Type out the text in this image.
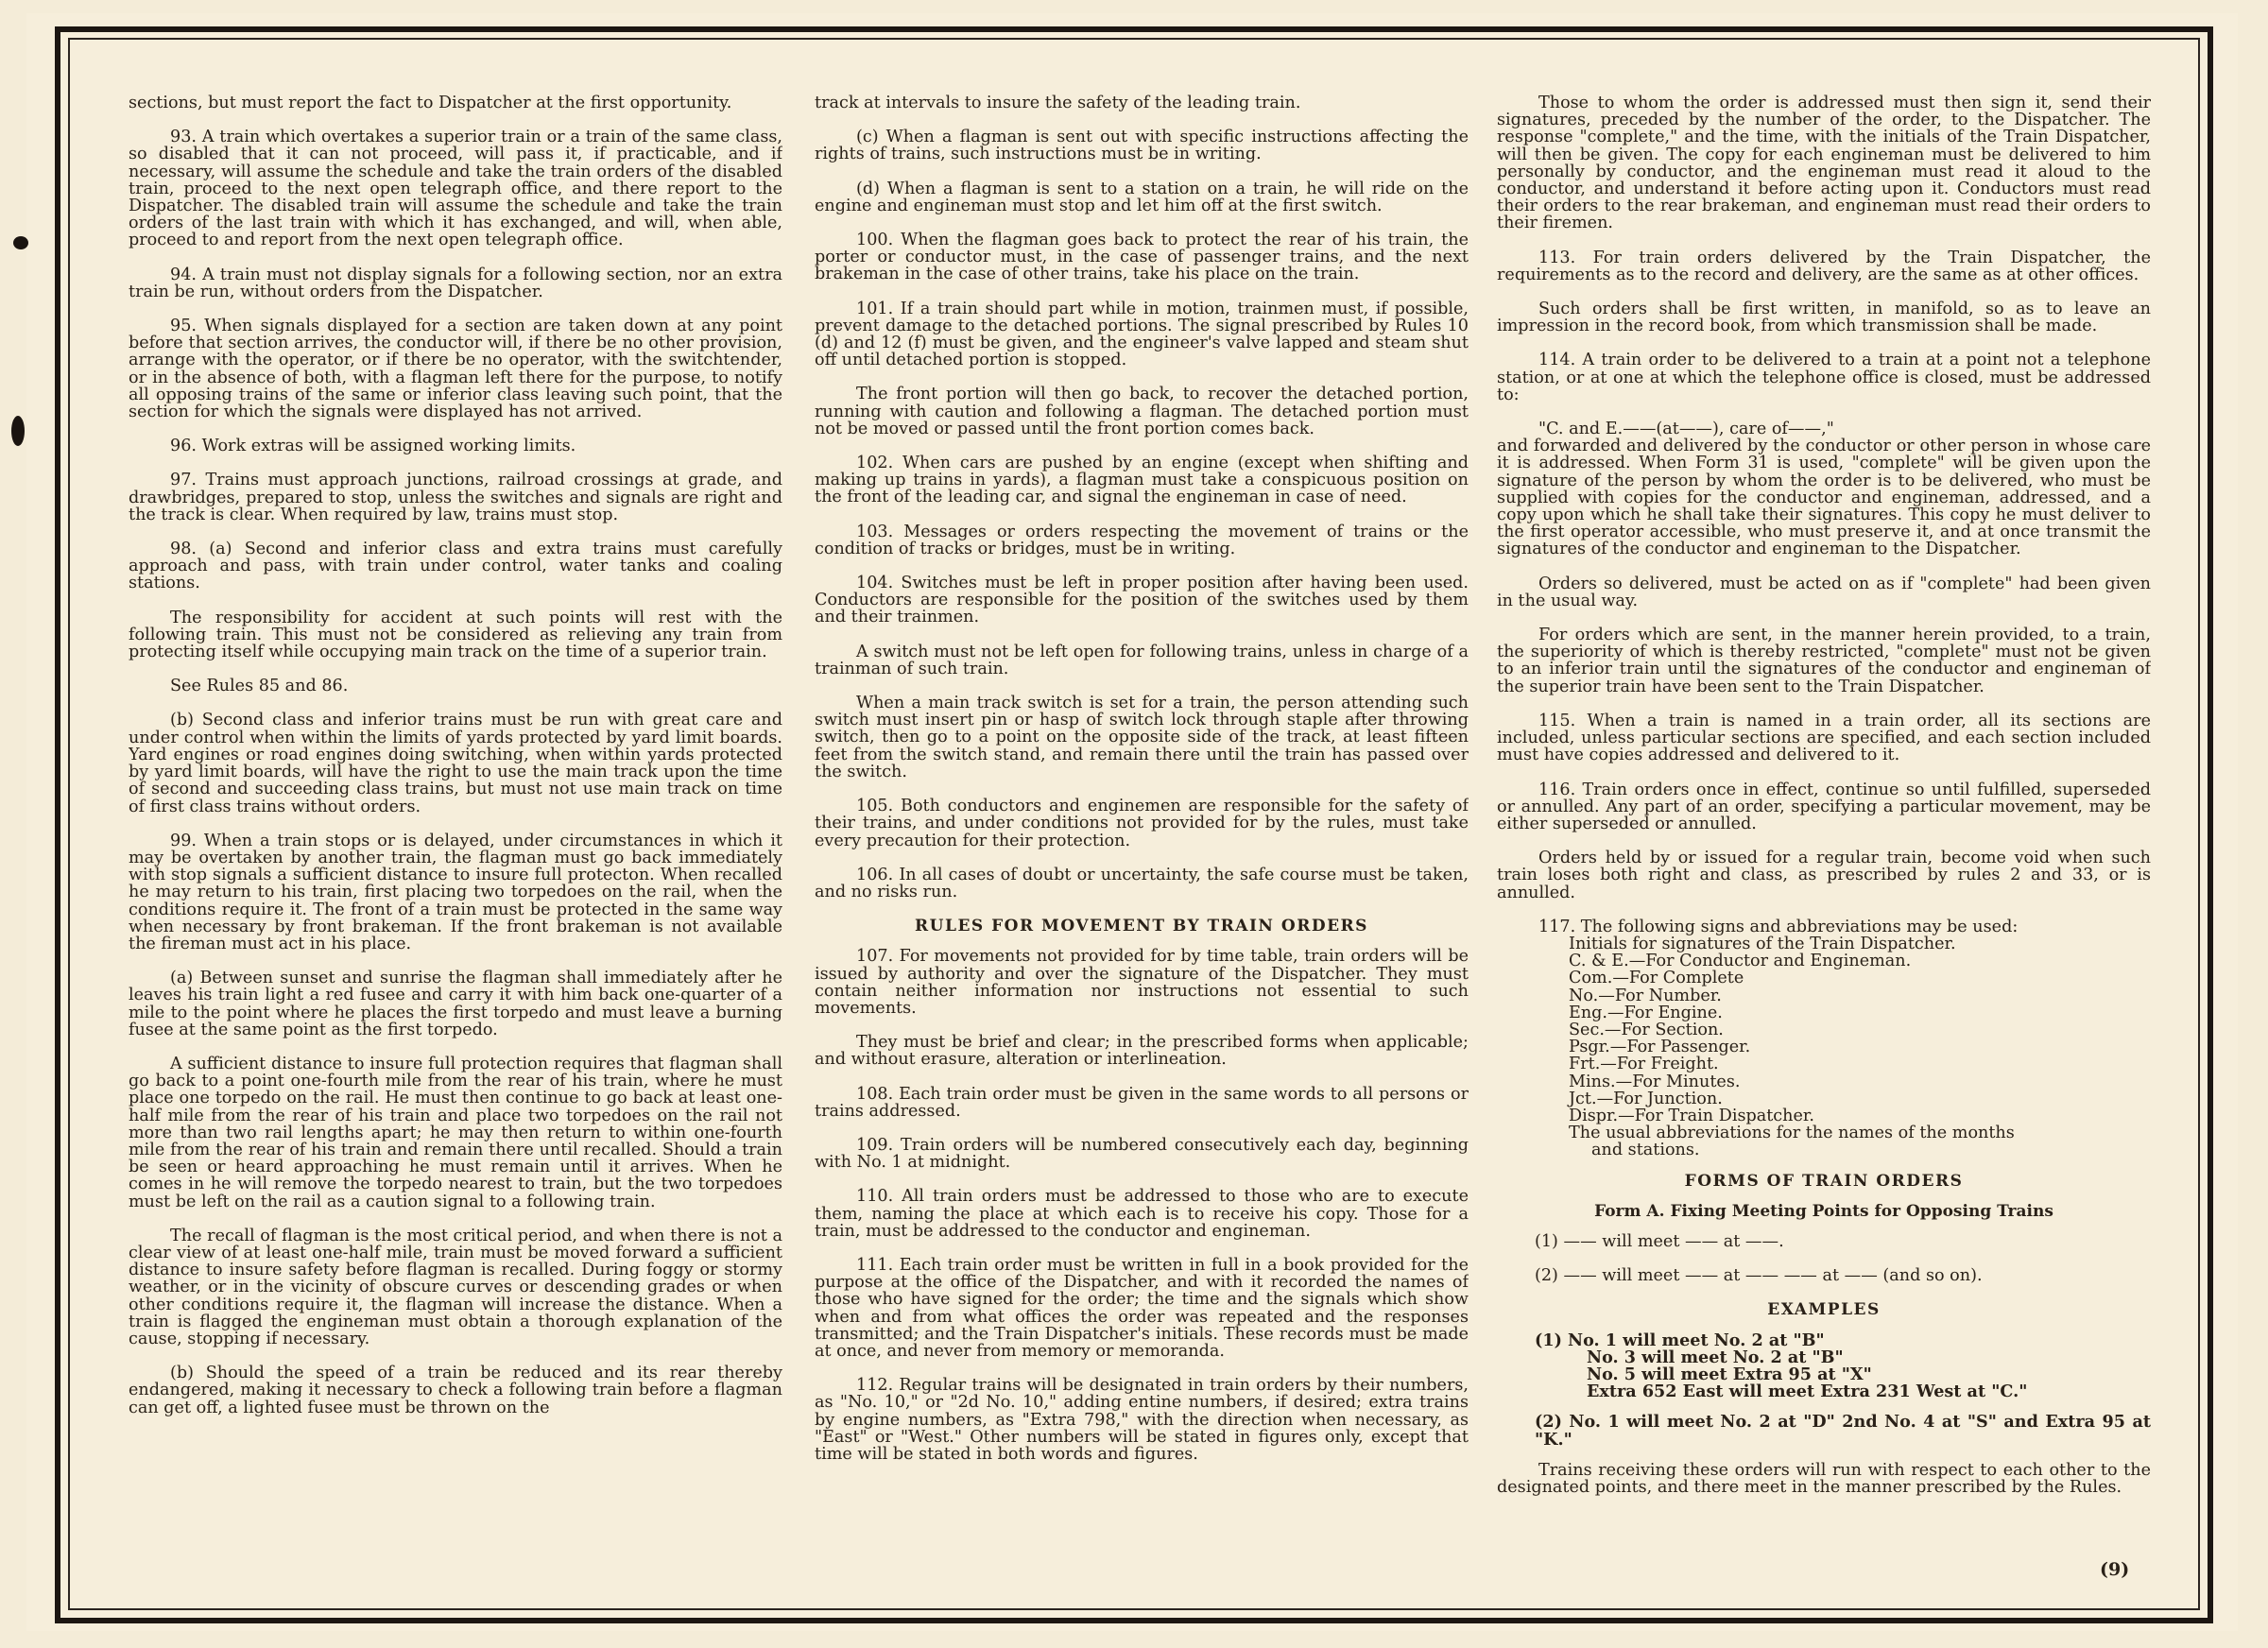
sections, but must report the fact to Dispatcher at the first opportunity.

93. A train which overtakes a superior train or a train of the same class, so disabled that it can not proceed, will pass it, if practicable, and if necessary, will assume the schedule and take the train orders of the disabled train, proceed to the next open telegraph office, and there report to the Dispatcher. The disabled train will assume the schedule and take the train orders of the last train with which it has exchanged, and will, when able, proceed to and report from the next open telegraph office.

94. A train must not display signals for a following section, nor an extra train be run, without orders from the Dispatcher.

95. When signals displayed for a section are taken down at any point before that section arrives, the conductor will, if there be no other provision, arrange with the operator, or if there be no operator, with the switchtender, or in the absence of both, with a flagman left there for the purpose, to notify all opposing trains of the same or inferior class leaving such point, that the section for which the signals were displayed has not arrived.

96. Work extras will be assigned working limits.

97. Trains must approach junctions, railroad crossings at grade, and drawbridges, prepared to stop, unless the switches and signals are right and the track is clear. When required by law, trains must stop.

98. (a) Second and inferior class and extra trains must carefully approach and pass, with train under control, water tanks and coaling stations.

The responsibility for accident at such points will rest with the following train. This must not be considered as relieving any train from protecting itself while occupying main track on the time of a superior train.

See Rules 85 and 86.

(b) Second class and inferior trains must be run with great care and under control when within the limits of yards protected by yard limit boards. Yard engines or road engines doing switching, when within yards protected by yard limit boards, will have the right to use the main track upon the time of second and succeeding class trains, but must not use main track on time of first class trains without orders.

99. When a train stops or is delayed, under circumstances in which it may be overtaken by another train, the flagman must go back immediately with stop signals a sufficient distance to insure full protecton. When recalled he may return to his train, first placing two torpedoes on the rail, when the conditions require it. The front of a train must be protected in the same way when necessary by front brakeman. If the front brakeman is not available the fireman must act in his place.

(a) Between sunset and sunrise the flagman shall immediately after he leaves his train light a red fusee and carry it with him back one-quarter of a mile to the point where he places the first torpedo and must leave a burning fusee at the same point as the first torpedo.

A sufficient distance to insure full protection requires that flagman shall go back to a point one-fourth mile from the rear of his train, where he must place one torpedo on the rail. He must then continue to go back at least one-half mile from the rear of his train and place two torpedoes on the rail not more than two rail lengths apart; he may then return to within one-fourth mile from the rear of his train and remain there until recalled. Should a train be seen or heard approaching he must remain until it arrives. When he comes in he will remove the torpedo nearest to train, but the two torpedoes must be left on the rail as a caution signal to a following train.

The recall of flagman is the most critical period, and when there is not a clear view of at least one-half mile, train must be moved forward a sufficient distance to insure safety before flagman is recalled. During foggy or stormy weather, or in the vicinity of obscure curves or descending grades or when other conditions require it, the flagman will increase the distance. When a train is flagged the engineman must obtain a thorough explanation of the cause, stopping if necessary.

(b) Should the speed of a train be reduced and its rear thereby endangered, making it necessary to check a following train before a flagman can get off, a lighted fusee must be thrown on the

track at intervals to insure the safety of the leading train.

(c) When a flagman is sent out with specific instructions affecting the rights of trains, such instructions must be in writing.

(d) When a flagman is sent to a station on a train, he will ride on the engine and engineman must stop and let him off at the first switch.

100. When the flagman goes back to protect the rear of his train, the porter or conductor must, in the case of passenger trains, and the next brakeman in the case of other trains, take his place on the train.

101. If a train should part while in motion, trainmen must, if possible, prevent damage to the detached portions. The signal prescribed by Rules 10 (d) and 12 (f) must be given, and the engineer's valve lapped and steam shut off until detached portion is stopped.

The front portion will then go back, to recover the detached portion, running with caution and following a flagman. The detached portion must not be moved or passed until the front portion comes back.

102. When cars are pushed by an engine (except when shifting and making up trains in yards), a flagman must take a conspicuous position on the front of the leading car, and signal the engineman in case of need.

103. Messages or orders respecting the movement of trains or the condition of tracks or bridges, must be in writing.

104. Switches must be left in proper position after having been used. Conductors are responsible for the position of the switches used by them and their trainmen.

A switch must not be left open for following trains, unless in charge of a trainman of such train.

When a main track switch is set for a train, the person attending such switch must insert pin or hasp of switch lock through staple after throwing switch, then go to a point on the opposite side of the track, at least fifteen feet from the switch stand, and remain there until the train has passed over the switch.

105. Both conductors and enginemen are responsible for the safety of their trains, and under conditions not provided for by the rules, must take every precaution for their protection.

106. In all cases of doubt or uncertainty, the safe course must be taken, and no risks run.

RULES FOR MOVEMENT BY TRAIN ORDERS

107. For movements not provided for by time table, train orders will be issued by authority and over the signature of the Dispatcher. They must contain neither information nor instructions not essential to such movements.

They must be brief and clear; in the prescribed forms when applicable; and without erasure, alteration or interlineation.

108. Each train order must be given in the same words to all persons or trains addressed.

109. Train orders will be numbered consecutively each day, beginning with No. 1 at midnight.

110. All train orders must be addressed to those who are to execute them, naming the place at which each is to receive his copy. Those for a train, must be addressed to the conductor and engineman.

111. Each train order must be written in full in a book provided for the purpose at the office of the Dispatcher, and with it recorded the names of those who have signed for the order; the time and the signals which show when and from what offices the order was repeated and the responses transmitted; and the Train Dispatcher's initials. These records must be made at once, and never from memory or memoranda.

112. Regular trains will be designated in train orders by their numbers, as "No. 10," or "2d No. 10," adding entine numbers, if desired; extra trains by engine numbers, as "Extra 798," with the direction when necessary, as "East" or "West." Other numbers will be stated in figures only, except that time will be stated in both words and figures.

Those to whom the order is addressed must then sign it, send their signatures, preceded by the number of the order, to the Dispatcher. The response "complete," and the time, with the initials of the Train Dispatcher, will then be given. The copy for each engineman must be delivered to him personally by conductor, and the engineman must read it aloud to the conductor, and understand it before acting upon it. Conductors must read their orders to the rear brakeman, and engineman must read their orders to their firemen.

113. For train orders delivered by the Train Dispatcher, the requirements as to the record and delivery, are the same as at other offices.

Such orders shall be first written, in manifold, so as to leave an impression in the record book, from which transmission shall be made.

114. A train order to be delivered to a train at a point not a telephone station, or at one at which the telephone office is closed, must be addressed to:

"C. and E.——(at——), care of——,"

and forwarded and delivered by the conductor or other person in whose care it is addressed. When Form 31 is used, "complete" will be given upon the signature of the person by whom the order is to be delivered, who must be supplied with copies for the conductor and engineman, addressed, and a copy upon which he shall take their signatures. This copy he must deliver to the first operator accessible, who must preserve it, and at once transmit the signatures of the conductor and engineman to the Dispatcher.

Orders so delivered, must be acted on as if "complete" had been given in the usual way.

For orders which are sent, in the manner herein provided, to a train, the superiority of which is thereby restricted, "complete" must not be given to an inferior train until the signatures of the conductor and engineman of the superior train have been sent to the Train Dispatcher.

115. When a train is named in a train order, all its sections are included, unless particular sections are specified, and each section included must have copies addressed and delivered to it.

116. Train orders once in effect, continue so until fulfilled, superseded or annulled. Any part of an order, specifying a particular movement, may be either superseded or annulled.

Orders held by or issued for a regular train, become void when such train loses both right and class, as prescribed by rules 2 and 33, or is annulled.

117. The following signs and abbreviations may be used:
Initials for signatures of the Train Dispatcher.
C. & E.—For Conductor and Engineman.
Com.—For Complete
No.—For Number.
Eng.—For Engine.
Sec.—For Section.
Psgr.—For Passenger.
Frt.—For Freight.
Mins.—For Minutes.
Jct.—For Junction.
Dispr.—For Train Dispatcher.
The usual abbreviations for the names of the months
and stations.
FORMS OF TRAIN ORDERS
Form A. Fixing Meeting Points for Opposing Trains
(1) —— will meet —— at ——.
(2) —— will meet —— at —— —— at —— (and so on).
EXAMPLES
(1) No. 1 will meet No. 2 at "B"
No. 3 will meet No. 2 at "B"
No. 5 will meet Extra 95 at "X"
Extra 652 East will meet Extra 231 West at "C."
(2) No. 1 will meet No. 2 at "D" 2nd No. 4 at "S" and Extra 95 at "K."

Trains receiving these orders will run with respect to each other to the designated points, and there meet in the manner prescribed by the Rules.

(9)
